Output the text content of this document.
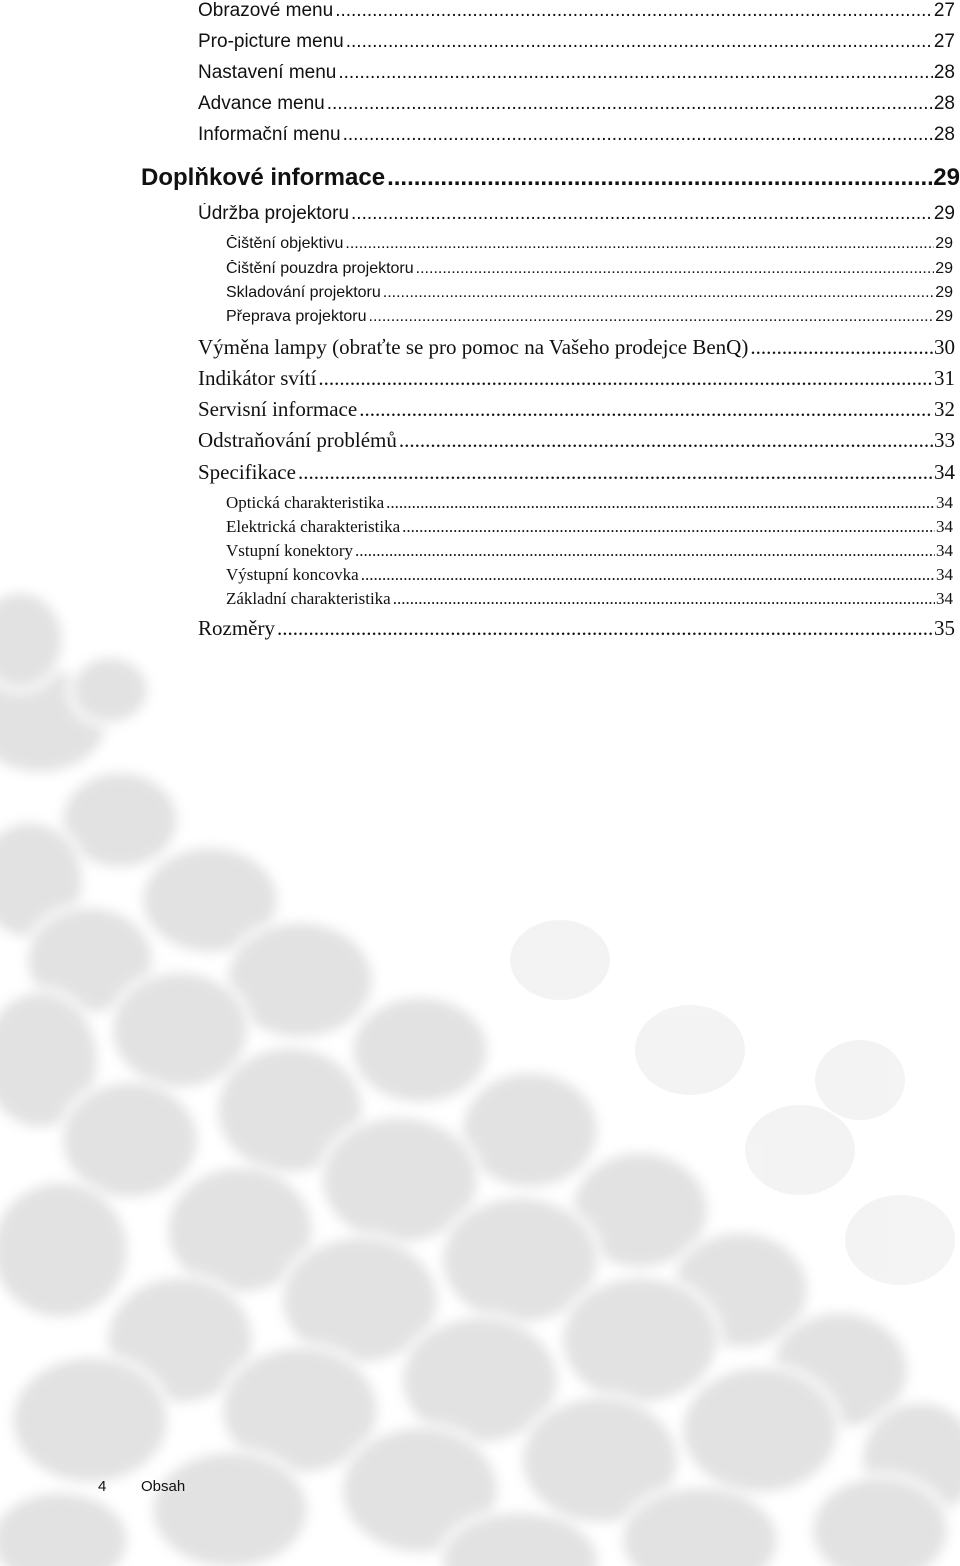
Obrazové menu .....	27
Pro-picture menu .....	27
Nastavení menu .....	28
Advance menu .....	28
Informační menu .....	28
Doplňkové informace .....	29
Údržba projektoru .....	29
Čištění objektivu .....	29
Čištění pouzdra projektoru .....	29
Skladování projektoru .....	29
Přeprava projektoru .....	29
Výměna lampy (obraťte se pro pomoc na Vašeho prodejce BenQ) .....	30
Indikátor svítí .....	31
Servisní informace .....	32
Odstraňování problémů .....	33
Specifikace .....	34
Optická charakteristika .....	34
Elektrická charakteristika .....	34
Vstupní konektory .....	34
Výstupní koncovka .....	34
Základní charakteristika .....	34
Rozměry .....	35
4 Obsah
